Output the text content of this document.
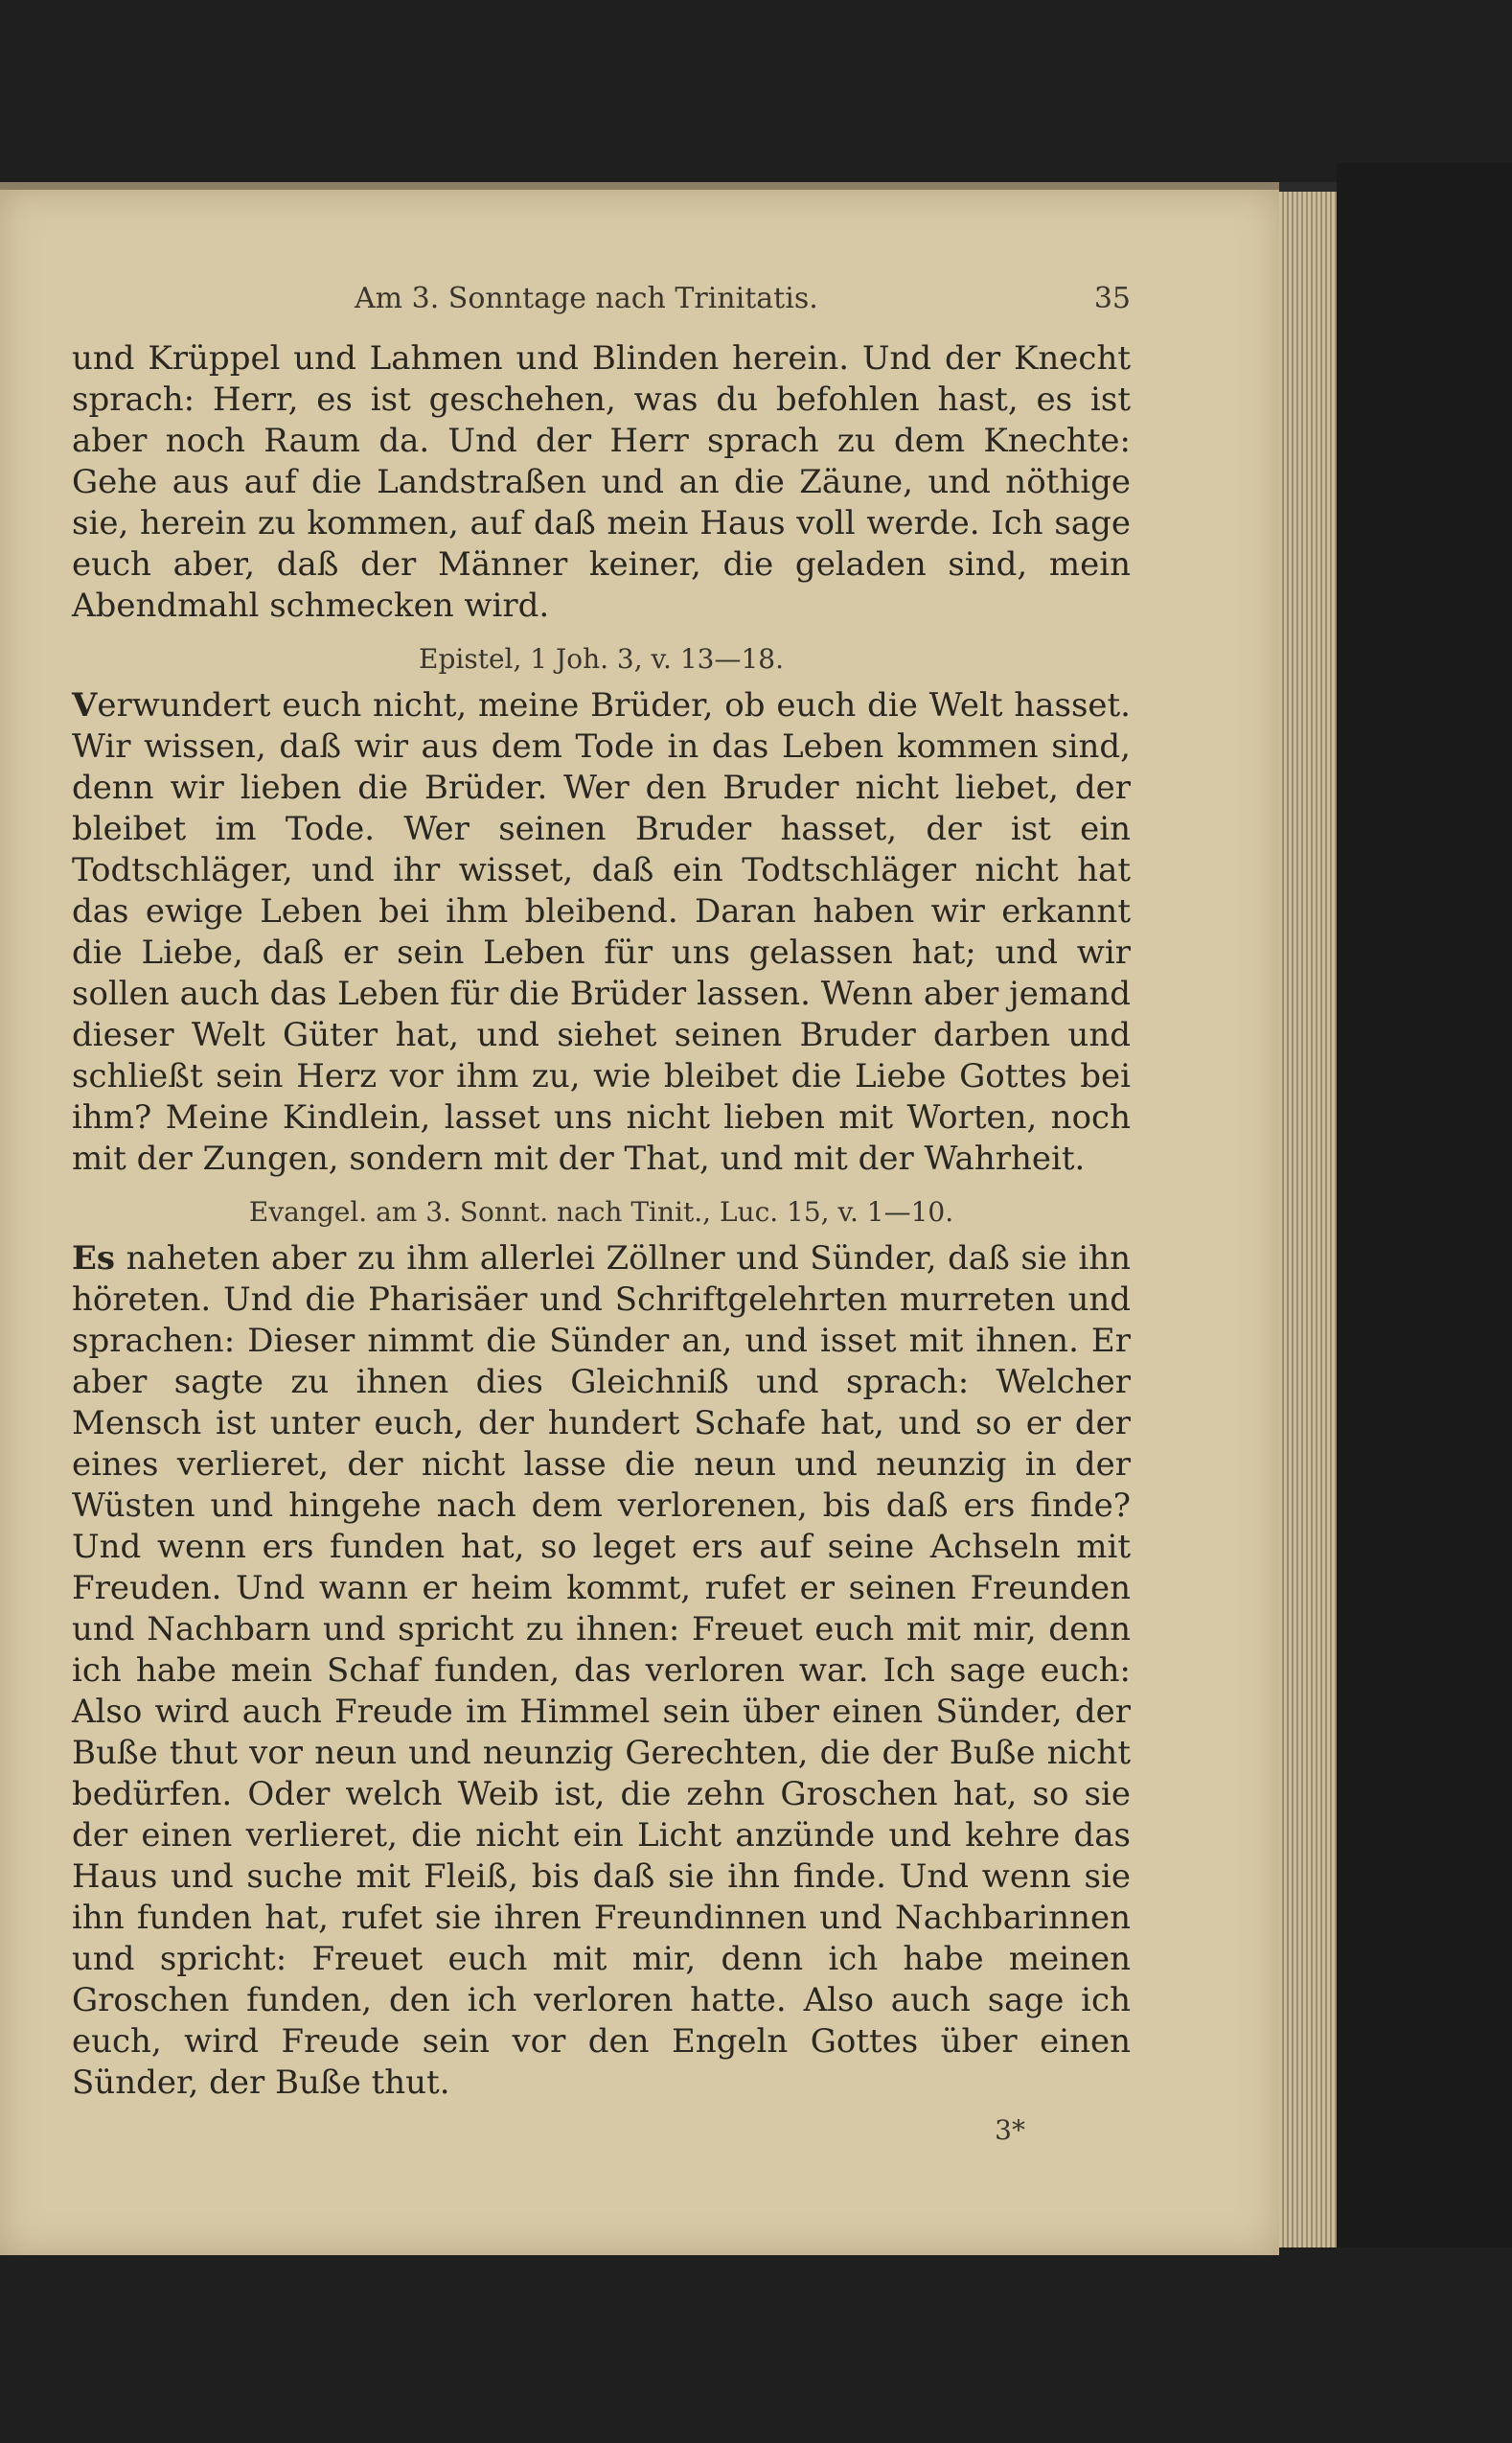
Am 3. Sonntage nach Trinitatis.	35

und Krüppel und Lahmen und Blinden herein. Und der Knecht sprach: Herr, es ist geschehen, was du befohlen hast, es ist aber noch Raum da. Und der Herr sprach zu dem Knechte: Gehe aus auf die Landstraßen und an die Zäune, und nöthige sie, herein zu kommen, auf daß mein Haus voll werde. Ich sage euch aber, daß der Männer keiner, die geladen sind, mein Abendmahl schmecken wird.

Epistel, 1 Joh. 3, v. 13—18.

Verwundert euch nicht, meine Brüder, ob euch die Welt hasset. Wir wissen, daß wir aus dem Tode in das Leben kommen sind, denn wir lieben die Brüder. Wer den Bruder nicht liebet, der bleibet im Tode. Wer seinen Bruder hasset, der ist ein Todtschläger, und ihr wisset, daß ein Todtschläger nicht hat das ewige Leben bei ihm bleibend. Daran haben wir erkannt die Liebe, daß er sein Leben für uns gelassen hat; und wir sollen auch das Leben für die Brüder lassen. Wenn aber jemand dieser Welt Güter hat, und siehet seinen Bruder darben und schließt sein Herz vor ihm zu, wie bleibet die Liebe Gottes bei ihm? Meine Kindlein, lasset uns nicht lieben mit Worten, noch mit der Zungen, sondern mit der That, und mit der Wahrheit.

Evangel. am 3. Sonnt. nach Tinit., Luc. 15, v. 1—10.

Es naheten aber zu ihm allerlei Zöllner und Sünder, daß sie ihn höreten. Und die Pharisäer und Schriftgelehrten murreten und sprachen: Dieser nimmt die Sünder an, und isset mit ihnen. Er aber sagte zu ihnen dies Gleichniß und sprach: Welcher Mensch ist unter euch, der hundert Schafe hat, und so er der eines verlieret, der nicht lasse die neun und neunzig in der Wüsten und hingehe nach dem verlorenen, bis daß ers finde? Und wenn ers funden hat, so leget ers auf seine Achseln mit Freuden. Und wann er heim kommt, rufet er seinen Freunden und Nachbarn und spricht zu ihnen: Freuet euch mit mir, denn ich habe mein Schaf funden, das verloren war. Ich sage euch: Also wird auch Freude im Himmel sein über einen Sünder, der Buße thut vor neun und neunzig Gerechten, die der Buße nicht bedürfen. Oder welch Weib ist, die zehn Groschen hat, so sie der einen verlieret, die nicht ein Licht anzünde und kehre das Haus und suche mit Fleiß, bis daß sie ihn finde. Und wenn sie ihn funden hat, rufet sie ihren Freundinnen und Nachbarinnen und spricht: Freuet euch mit mir, denn ich habe meinen Groschen funden, den ich verloren hatte. Also auch sage ich euch, wird Freude sein vor den Engeln Gottes über einen Sünder, der Buße thut.

3*
